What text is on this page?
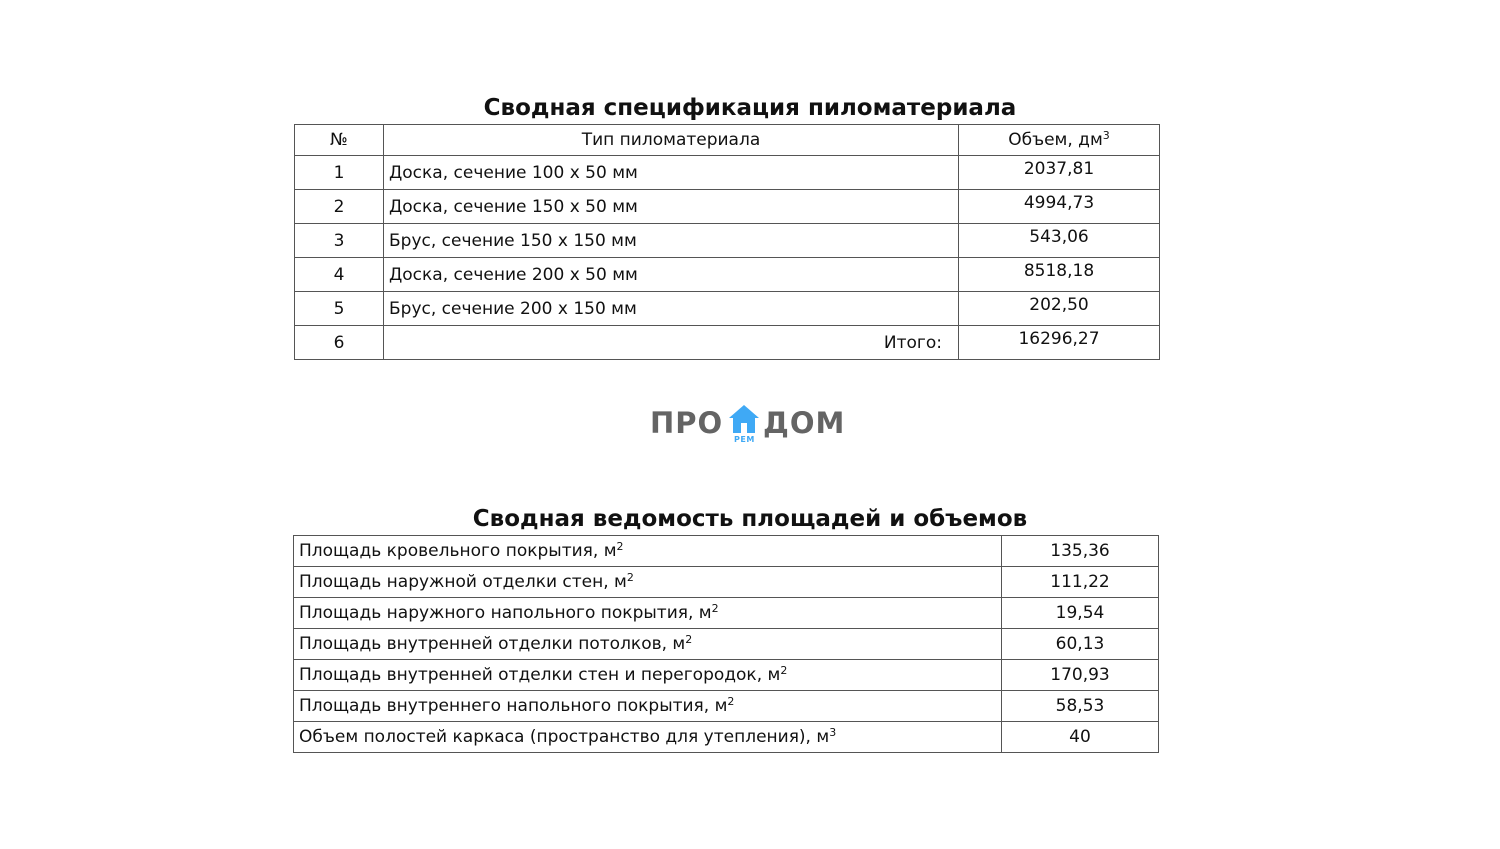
Сводная спецификация пиломатериала
№	Тип пиломатериала	Объем, $дм^3$
1	Доска, сечение 100 х 50 мм	2037,81
2	Доска, сечение 150 х 50 мм	4994,73
3	Брус, сечение 150 х 150 мм	543,06
4	Доска, сечение 200 х 50 мм	8518,18
5	Брус, сечение 200 х 150 мм	202,50
6	Итого:	16296,27
ПРО РЕМ ДОМ
Сводная ведомость площадей и объемов
Площадь кровельного покрытия, $м^2$	135,36
Площадь наружной отделки стен, $м^2$	111,22
Площадь наружного напольного покрытия, $м^2$	19,54
Площадь внутренней отделки потолков, $м^2$	60,13
Площадь внутренней отделки стен и перегородок, $м^2$	170,93
Площадь внутреннего напольного покрытия, $м^2$	58,53
Объем полостей каркаса (пространство для утепления), $м^3$	40
